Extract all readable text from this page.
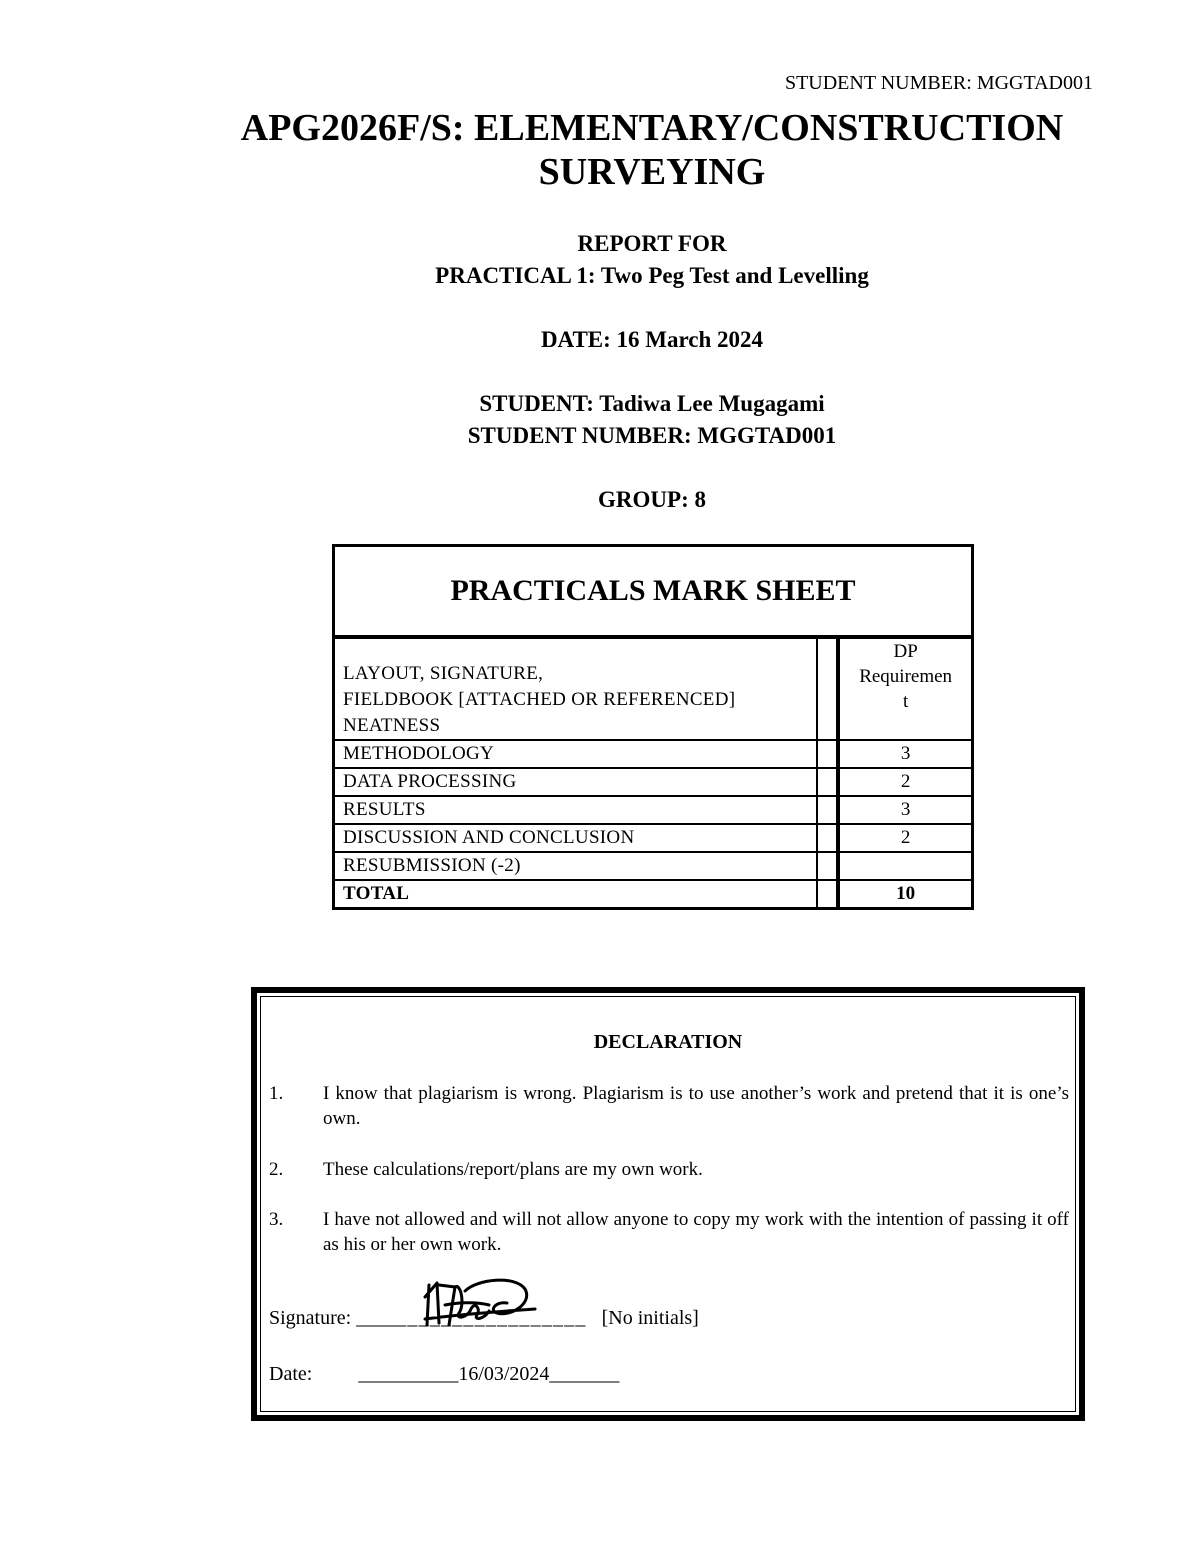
STUDENT NUMBER: MGGTAD001
APG2026F/S: ELEMENTARY/CONSTRUCTION
SURVEYING
REPORT FOR
PRACTICAL 1: Two Peg Test and Levelling
DATE: 16 March 2024
STUDENT: Tadiwa Lee Mugagami
STUDENT NUMBER: MGGTAD001
GROUP: 8
PRACTICALS MARK SHEET		
LAYOUT, SIGNATURE,
FIELDBOOK [ATTACHED OR REFERENCED]
NEATNESS		DP
Requiremen
t
METHODOLOGY		3
DATA PROCESSING		2
RESULTS		3
DISCUSSION AND CONCLUSION		2
RESUBMISSION (-2)		
TOTAL		10
DECLARATION
1. I know that plagiarism is wrong. Plagiarism is to use another’s work and pretend that it is one’s own.
2. These calculations/report/plans are my own work.
3. I have not allowed and will not allow anyone to copy my work with the intention of passing it off as his or her own work.
Signature: _____________________ [No initials]
Date: __________16/03/2024_______
